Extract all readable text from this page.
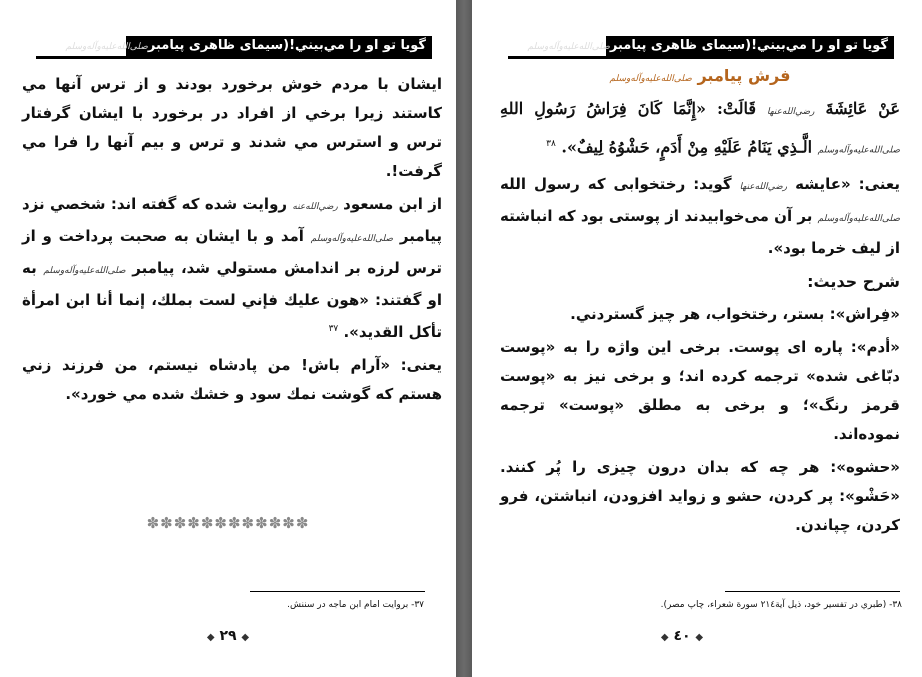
گويا تو او را مي‌بيني!(سيماى ظاهرى پيامبرصلى‌الله‌عليه‌وآله‌وسلم)

ايشان با مردم خوش برخورد بودند و از ترس آنها مي كاستند زيرا برخي از افراد در برخورد با ايشان گرفتار ترس و استرس مي شدند و ترس و بيم آنها را فرا مي گرفت!.

از ابن مسعود رضي‌الله‌عنه روايت شده كه گفته اند: شخصي نزد پيامبر صلى‌الله‌عليه‌وآله‌وسلم آمد و با ايشان به صحبت پرداخت و از ترس لرزه بر اندامش مستولي شد، پيامبر صلى‌الله‌عليه‌وآله‌وسلم به او گفتند: «هون عليك فإني لست بملك، إنما أنا ابن امرأة تأكل القديد». $^{٣٧}$

يعنى: «آرام باش! من پادشاه نيستم، من فرزند زني هستم كه گوشت نمك سود و خشك شده مي خورد».

✽✽✽✽✽✽✽✽✽✽✽✽
٣٧- بروايت امام ابن ماجه در سننش.
◆ ٢٩ ◆
گويا تو او را مي‌بيني!(سيماى ظاهرى پيامبرصلى‌الله‌عليه‌وآله‌وسلم)
فرش پيامبر صلى‌الله‌عليه‌وآله‌وسلم

عَنْ عَائِشَةَ رضي‌الله‌عنها قَالَتْ: «إِنَّمَا كَانَ فِرَاشُ رَسُولِ اللهِ صلى‌الله‌عليه‌وآله‌وسلم الَّـذِي يَنَامُ عَلَيْهِ مِنْ أَدَمٍ، حَشْوُهُ لِيفٌ». $^{٣٨}$

يعنى: «عايشه رضي‌الله‌عنها گويد: رختخوابى كه رسول الله صلى‌الله‌عليه‌وآله‌وسلم بر آن مى‌خوابيدند از پوستى بود كه انباشته از ليف خرما بود».

شرح حديث:

«فِراش»: بستر، رختخواب، هر چيز گستردني.

«أدم»: پاره اى پوست. برخى اين واژه را به «پوست دبّاغى شده» ترجمه كرده اند؛ و برخى نيز به «پوست قرمز رنگ»؛ و برخى به مطلق «پوست» ترجمه نموده‌اند.

«حشوه»: هر چه كه بدان درون چيزى را پُر كنند. «حَشْو»: پر كردن، حشو و زوايد افزودن، انباشتن، فرو كردن، چپاندن.

٣٨- (طبري در تفسير خود، ذيل آية٢١٤ سورة شعراء، چاپ مصر).
◆ ٤٠ ◆
